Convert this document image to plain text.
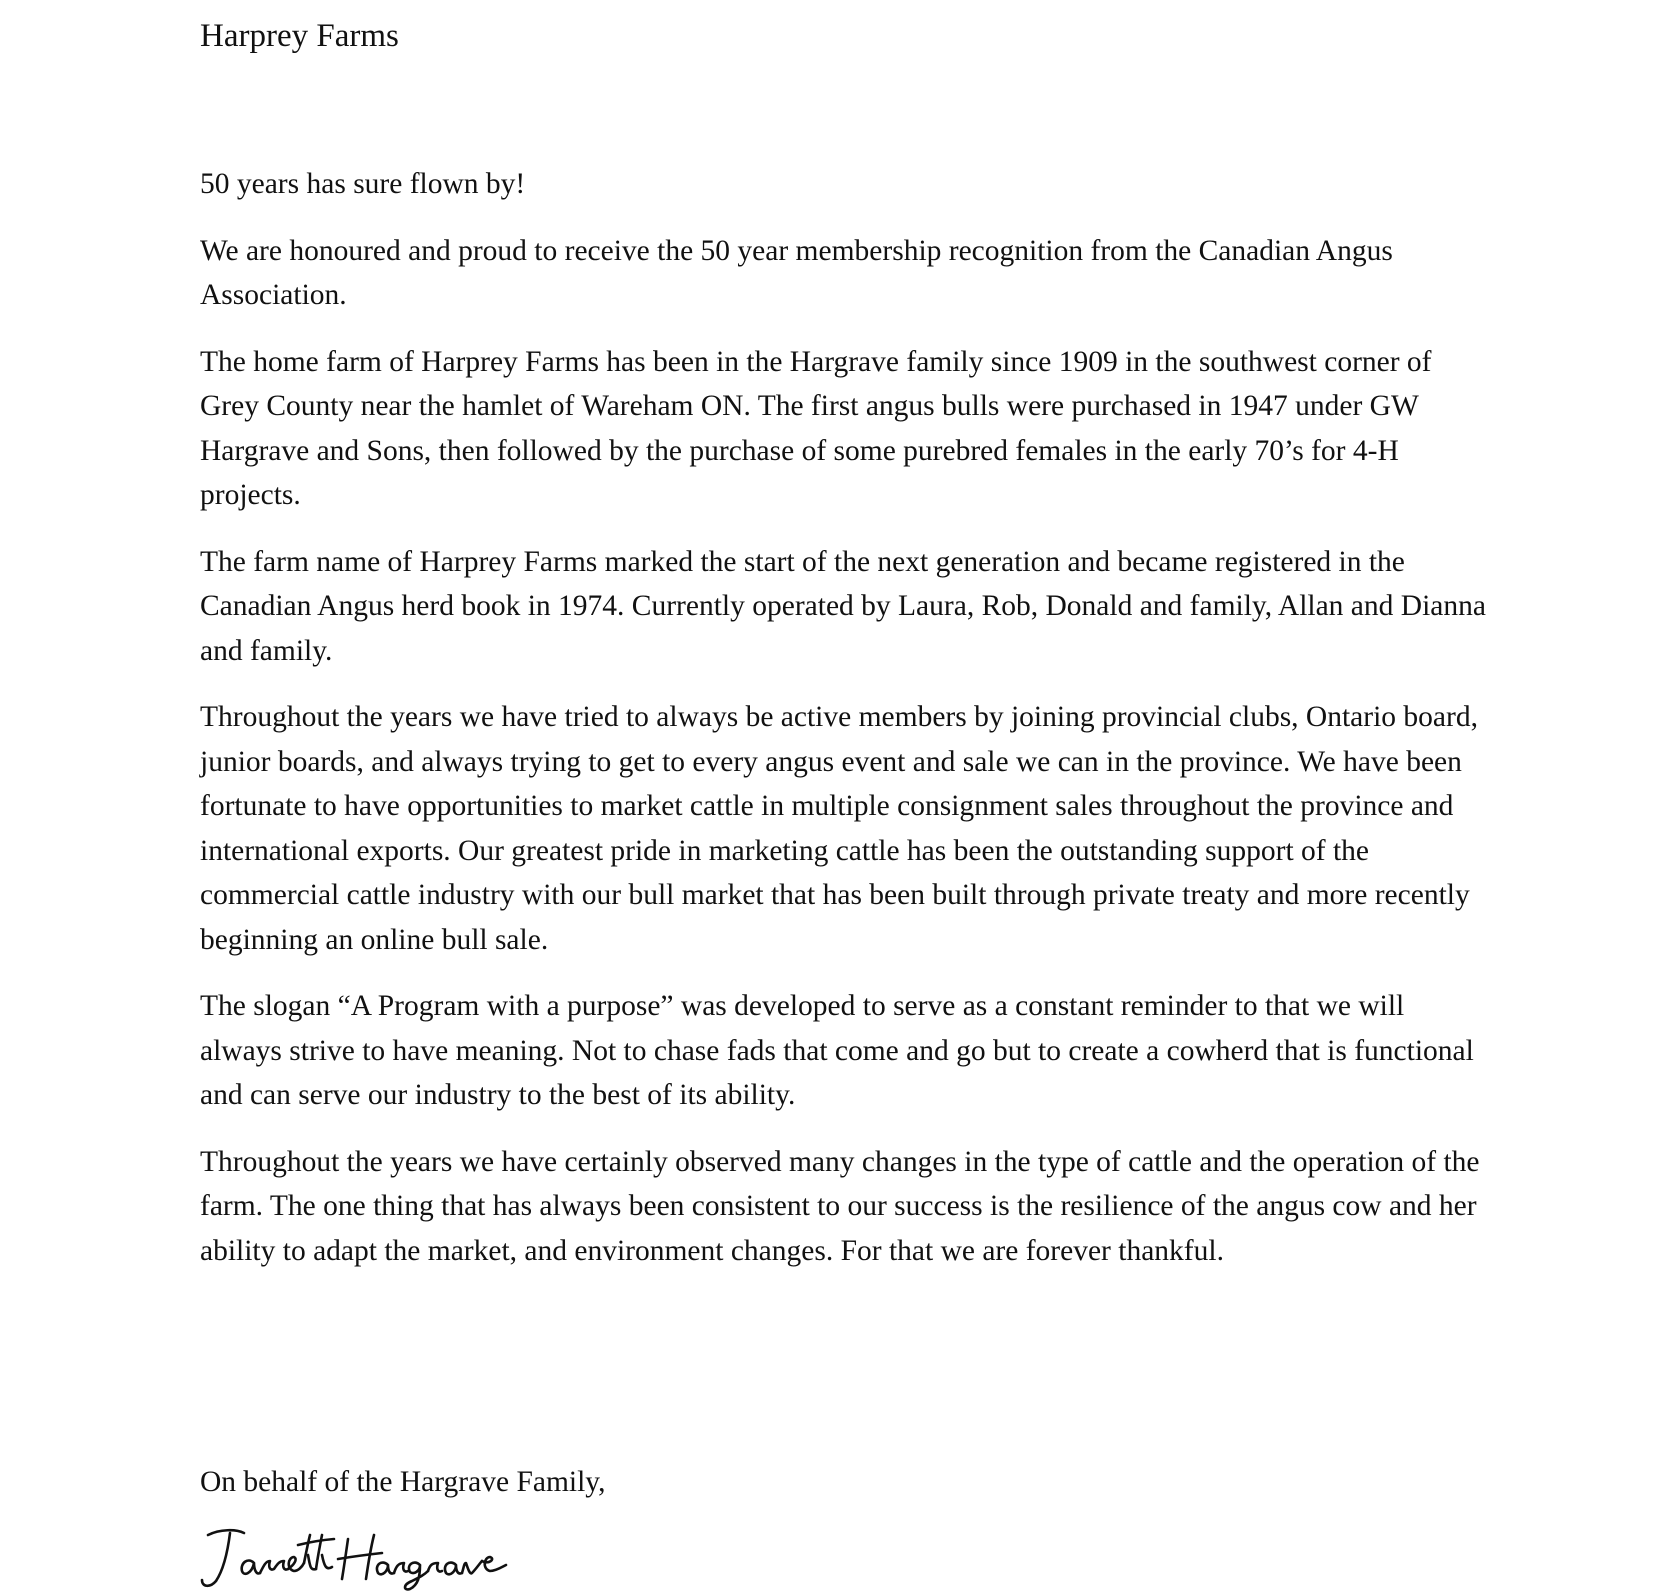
Harprey Farms

50 years has sure flown by!

We are honoured and proud to receive the 50 year membership recognition from the Canadian Angus Association.

The home farm of Harprey Farms has been in the Hargrave family since 1909 in the southwest corner of Grey County near the hamlet of Wareham ON. The first angus bulls were purchased in 1947 under GW Hargrave and Sons, then followed by the purchase of some purebred females in the early 70’s for 4-H projects.

The farm name of Harprey Farms marked the start of the next generation and became registered in the Canadian Angus herd book in 1974. Currently operated by Laura, Rob, Donald and family, Allan and Dianna and family.

Throughout the years we have tried to always be active members by joining provincial clubs, Ontario board, junior boards, and always trying to get to every angus event and sale we can in the province. We have been fortunate to have opportunities to market cattle in multiple consignment sales throughout the province and international exports. Our greatest pride in marketing cattle has been the outstanding support of the commercial cattle industry with our bull market that has been built through private treaty and more recently beginning an online bull sale.

The slogan “A Program with a purpose” was developed to serve as a constant reminder to that we will always strive to have meaning. Not to chase fads that come and go but to create a cowherd that is functional and can serve our industry to the best of its ability.

Throughout the years we have certainly observed many changes in the type of cattle and the operation of the farm. The one thing that has always been consistent to our success is the resilience of the angus cow and her ability to adapt the market, and environment changes. For that we are forever thankful.

On behalf of the Hargrave Family,
